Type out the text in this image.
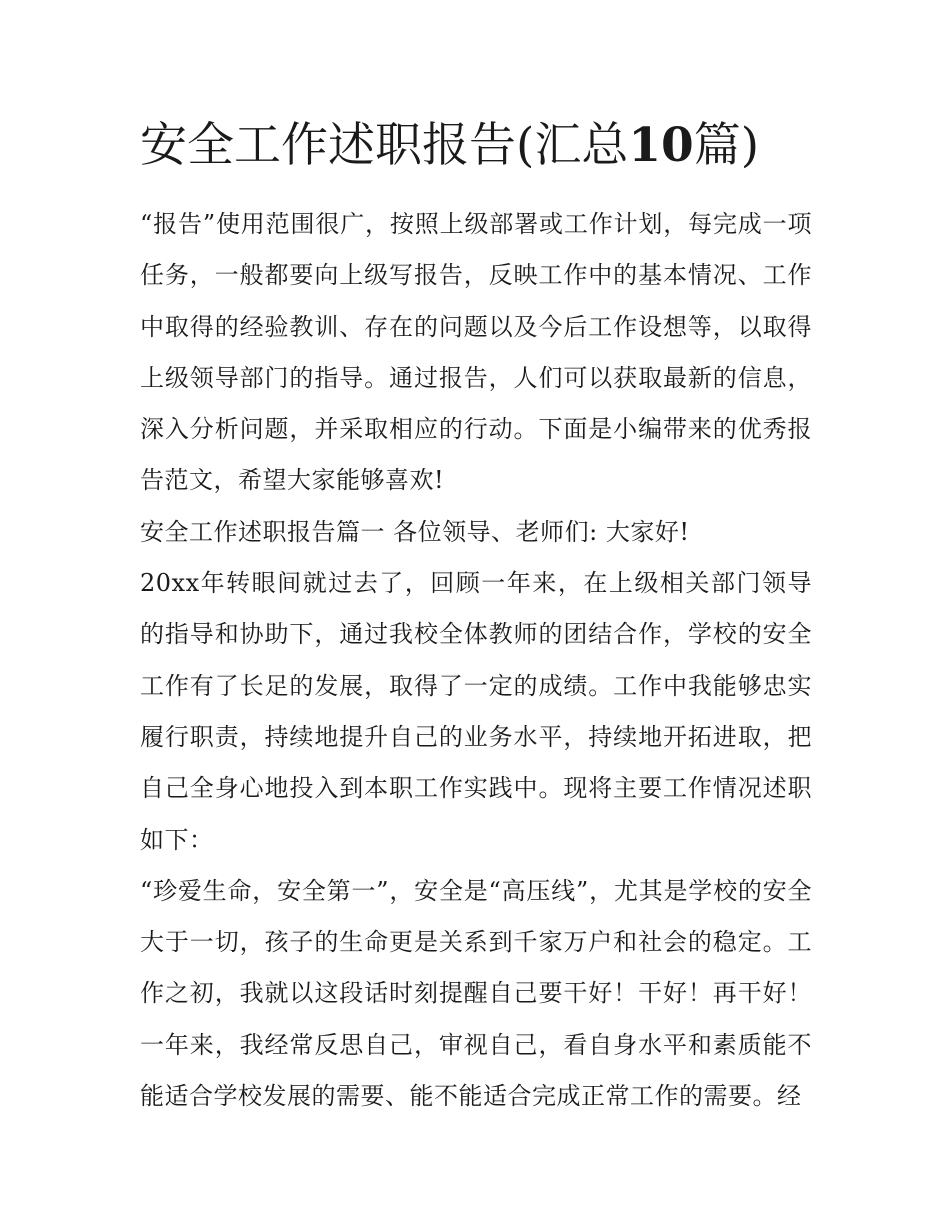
安全工作述职报告(汇总10篇)

“报告”使用范围很广，按照上级部署或工作计划，每完成一项任务，一般都要向上级写报告，反映工作中的基本情况、工作中取得的经验教训、存在的问题以及今后工作设想等，以取得上级领导部门的指导。通过报告，人们可以获取最新的信息，深入分析问题，并采取相应的行动。下面是小编带来的优秀报告范文，希望大家能够喜欢!

安全工作述职报告篇一 各位领导、老师们: 大家好!

20xx年转眼间就过去了，回顾一年来，在上级相关部门领导的指导和协助下，通过我校全体教师的团结合作，学校的安全工作有了长足的发展，取得了一定的成绩。工作中我能够忠实履行职责，持续地提升自己的业务水平，持续地开拓进取，把自己全身心地投入到本职工作实践中。现将主要工作情况述职如下：

“珍爱生命，安全第一”，安全是“高压线”，尤其是学校的安全大于一切，孩子的生命更是关系到千家万户和社会的稳定。工作之初，我就以这段话时刻提醒自己要干好！干好！再干好！一年来，我经常反思自己，审视自己，看自身水平和素质能不能适合学校发展的需要、能不能适合完成正常工作的需要。经
